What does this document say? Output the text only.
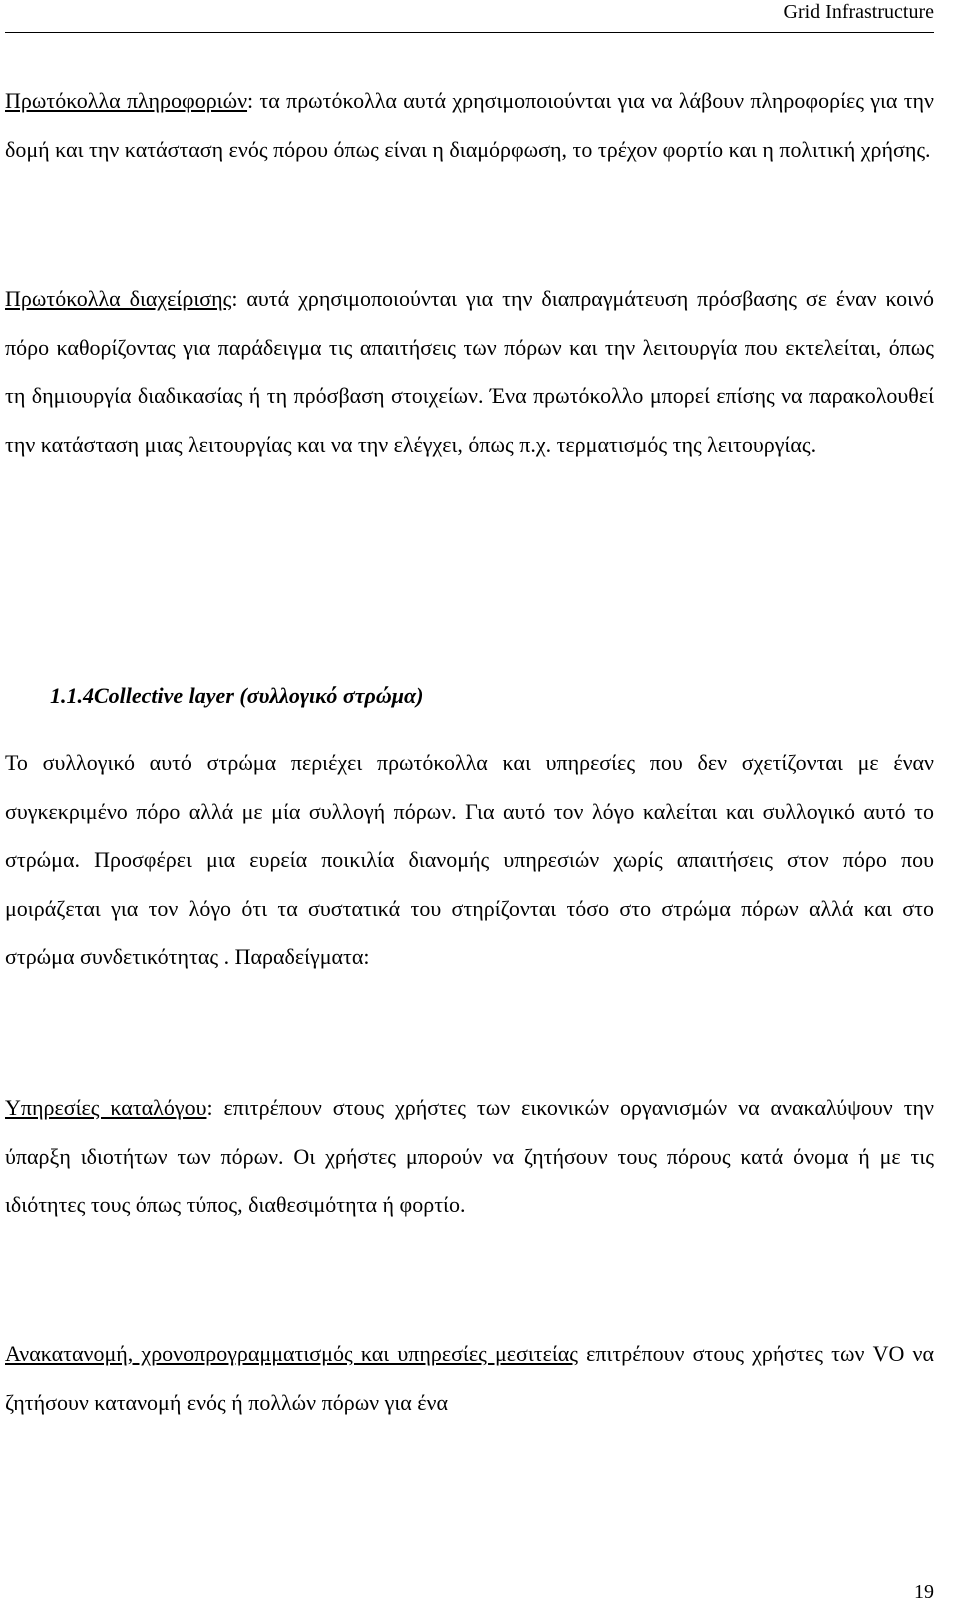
Grid Infrastructure

Πρωτόκολλα πληροφοριών: τα πρωτόκολλα αυτά χρησιμοποιούνται για να λάβουν πληροφορίες για την δομή και την κατάσταση ενός πόρου όπως είναι η διαμόρφωση, το τρέχον φορτίο και η πολιτική χρήσης.

Πρωτόκολλα διαχείρισης: αυτά χρησιμοποιούνται για την διαπραγμάτευση πρόσβασης σε έναν κοινό πόρο καθορίζοντας για παράδειγμα τις απαιτήσεις των πόρων και την λειτουργία που εκτελείται, όπως τη δημιουργία διαδικασίας ή τη πρόσβαση στοιχείων. Ένα πρωτόκολλο μπορεί επίσης να παρακολουθεί την κατάσταση μιας λειτουργίας και να την ελέγχει, όπως π.χ. τερματισμός της λειτουργίας.

1.1.4Collective layer (συλλογικό στρώμα)

Το συλλογικό αυτό στρώμα περιέχει πρωτόκολλα και υπηρεσίες που δεν σχετίζονται με έναν συγκεκριμένο πόρο αλλά με μία συλλογή πόρων. Για αυτό τον λόγο καλείται και συλλογικό αυτό το στρώμα. Προσφέρει μια ευρεία ποικιλία διανομής υπηρεσιών χωρίς απαιτήσεις στον πόρο που μοιράζεται για τον λόγο ότι τα συστατικά του στηρίζονται τόσο στο στρώμα πόρων αλλά και στο στρώμα συνδετικότητας . Παραδείγματα:

Υπηρεσίες καταλόγου: επιτρέπουν στους χρήστες των εικονικών οργανισμών να ανακαλύψουν την ύπαρξη ιδιοτήτων των πόρων. Οι χρήστες μπορούν να ζητήσουν τους πόρους κατά όνομα ή με τις ιδιότητες τους όπως τύπος, διαθεσιμότητα ή φορτίο.

Ανακατανομή, χρονοπρογραμματισμός και υπηρεσίες μεσιτείας επιτρέπουν στους χρήστες των VO να ζητήσουν κατανομή ενός ή πολλών πόρων για ένα

19
